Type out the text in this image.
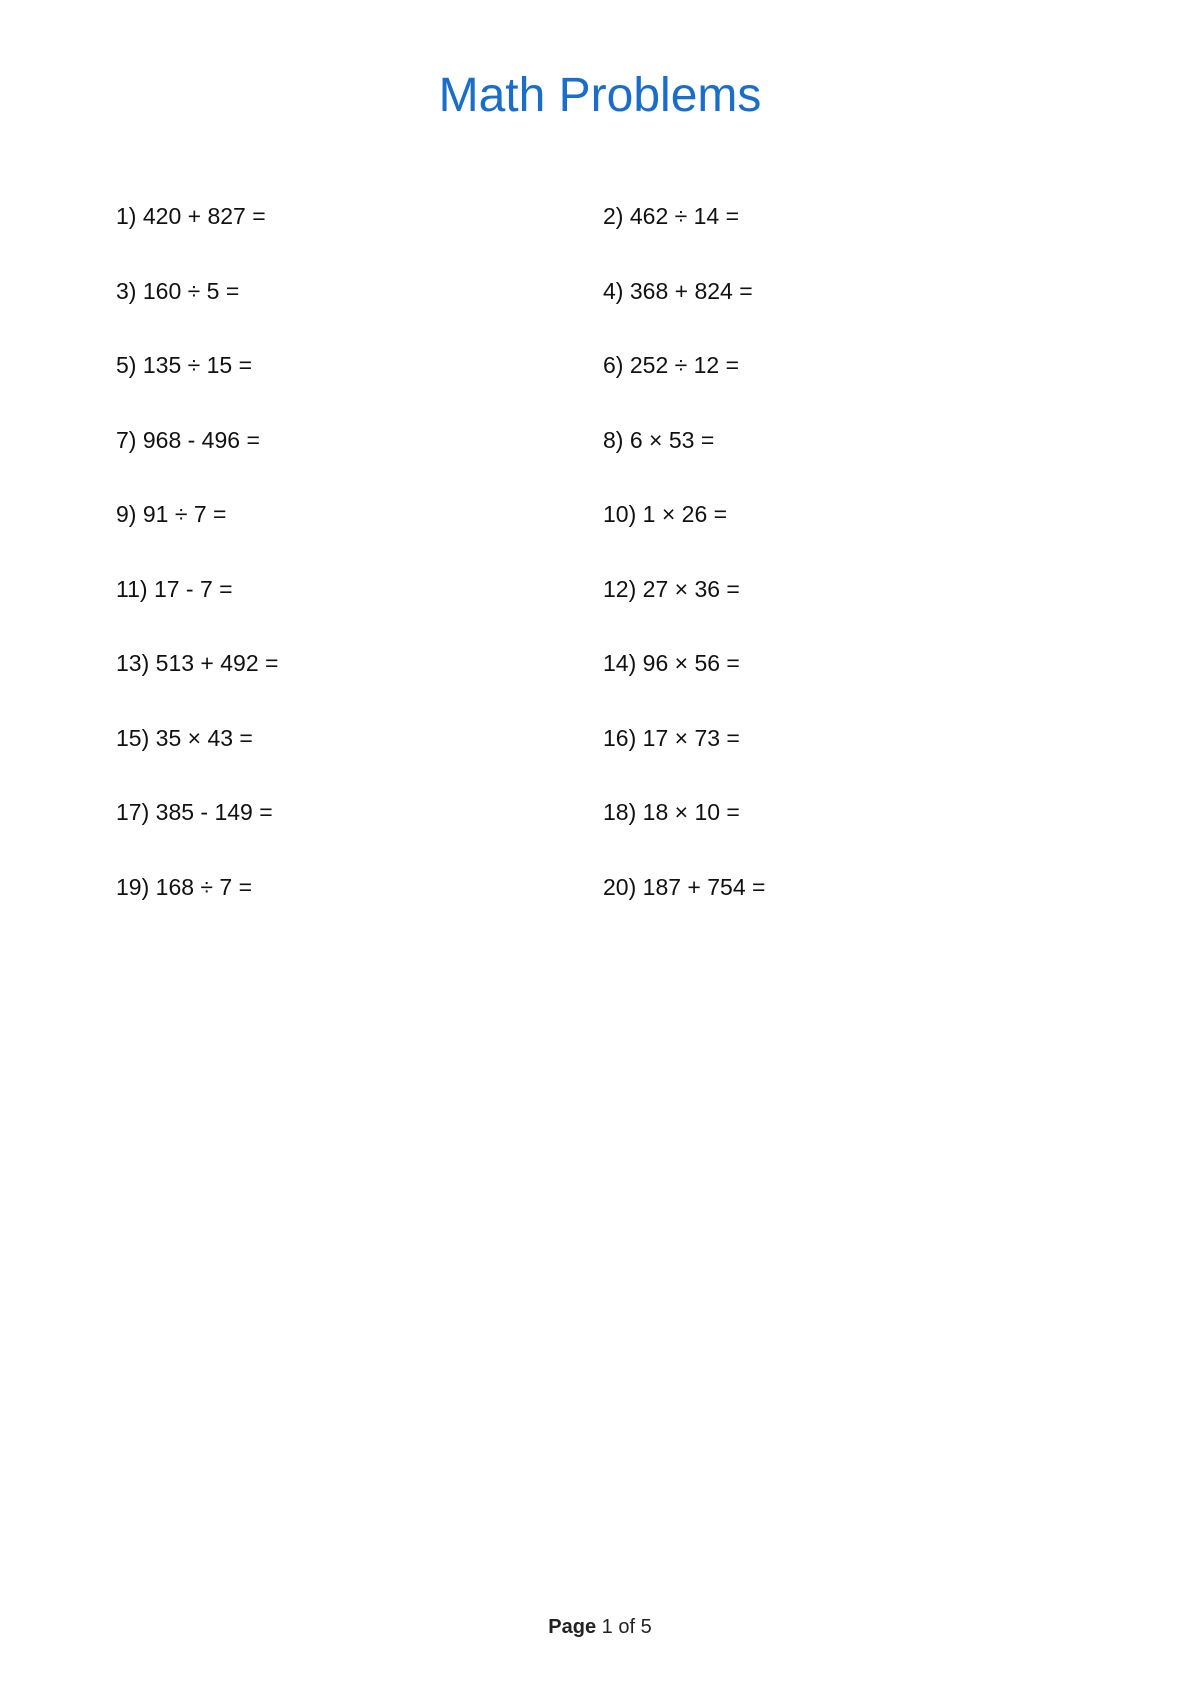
Math Problems
1 ) 420 + 827 =	2 ) 462 ÷ 14 =
3 ) 160 ÷ 5 =	4 ) 368 + 824 =
5 ) 135 ÷ 15 =	6 ) 252 ÷ 12 =
7 ) 968 - 496 =	8 ) 6 × 53 =
9 ) 91 ÷ 7 =	10 ) 1 × 26 =
11 ) 17 - 7 =	12 ) 27 × 36 =
13 ) 513 + 492 =	14 ) 96 × 56 =
15 ) 35 × 43 =	16 ) 17 × 73 =
17 ) 385 - 149 =	18 ) 18 × 10 =
19 ) 168 ÷ 7 =	20 ) 187 + 754 =
Page 1 of 5
